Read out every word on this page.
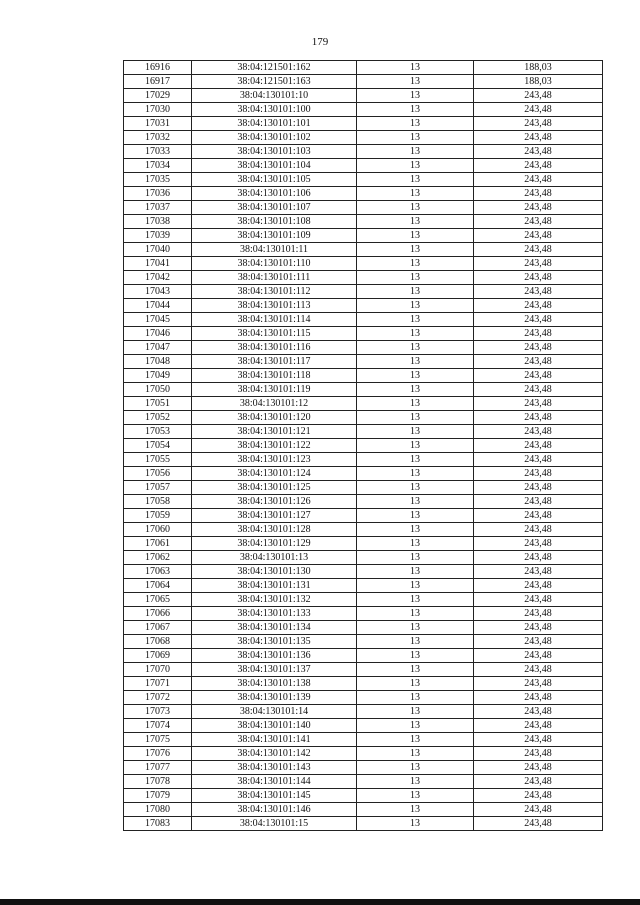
179
16916	38:04:121501:162	13	188,03
16917	38:04:121501:163	13	188,03
17029	38:04:130101:10	13	243,48
17030	38:04:130101:100	13	243,48
17031	38:04:130101:101	13	243,48
17032	38:04:130101:102	13	243,48
17033	38:04:130101:103	13	243,48
17034	38:04:130101:104	13	243,48
17035	38:04:130101:105	13	243,48
17036	38:04:130101:106	13	243,48
17037	38:04:130101:107	13	243,48
17038	38:04:130101:108	13	243,48
17039	38:04:130101:109	13	243,48
17040	38:04:130101:11	13	243,48
17041	38:04:130101:110	13	243,48
17042	38:04:130101:111	13	243,48
17043	38:04:130101:112	13	243,48
17044	38:04:130101:113	13	243,48
17045	38:04:130101:114	13	243,48
17046	38:04:130101:115	13	243,48
17047	38:04:130101:116	13	243,48
17048	38:04:130101:117	13	243,48
17049	38:04:130101:118	13	243,48
17050	38:04:130101:119	13	243,48
17051	38:04:130101:12	13	243,48
17052	38:04:130101:120	13	243,48
17053	38:04:130101:121	13	243,48
17054	38:04:130101:122	13	243,48
17055	38:04:130101:123	13	243,48
17056	38:04:130101:124	13	243,48
17057	38:04:130101:125	13	243,48
17058	38:04:130101:126	13	243,48
17059	38:04:130101:127	13	243,48
17060	38:04:130101:128	13	243,48
17061	38:04:130101:129	13	243,48
17062	38:04:130101:13	13	243,48
17063	38:04:130101:130	13	243,48
17064	38:04:130101:131	13	243,48
17065	38:04:130101:132	13	243,48
17066	38:04:130101:133	13	243,48
17067	38:04:130101:134	13	243,48
17068	38:04:130101:135	13	243,48
17069	38:04:130101:136	13	243,48
17070	38:04:130101:137	13	243,48
17071	38:04:130101:138	13	243,48
17072	38:04:130101:139	13	243,48
17073	38:04:130101:14	13	243,48
17074	38:04:130101:140	13	243,48
17075	38:04:130101:141	13	243,48
17076	38:04:130101:142	13	243,48
17077	38:04:130101:143	13	243,48
17078	38:04:130101:144	13	243,48
17079	38:04:130101:145	13	243,48
17080	38:04:130101:146	13	243,48
17083	38:04:130101:15	13	243,48
